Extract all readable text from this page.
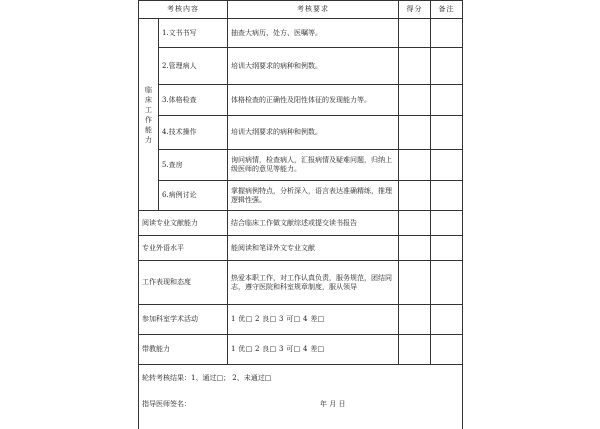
考核内容		考核要求	得分	备注

临床工作能力	1.文书书写	抽查大病历、处方、医嘱等。		
	2.管理病人	培训大纲要求的病种和例数。		
	3.体格检查	体格检查的正确性及阳性体征的发现能力等。		
	4.技术操作	培训大纲要求的病种和例数。		
	5.查房	询问病情，检查病人，汇报病情及疑难问题，归纳上级医师的意见等能力。		
	6.病例讨论	掌握病例特点，分析深入，语言表达准确精练，推理逻辑性强。		
阅读专业文献能力		结合临床工作做文献综述或提交读书报告		
专业外语水平		能阅读和笔译外文专业文献		
工作表现和态度		热爱本职工作，对工作认真负责，服务规范，团结同志，遵守医院和科室规章制度，服从领导		
参加科室学术活动		1 优□ 2 良□ 3 可□ 4 差□		
带教能力		1 优□ 2 良□ 3 可□ 4 差□		

轮转考核结果：1、通过□； 2、未通过□
指导医师签名： 年 月 日				
